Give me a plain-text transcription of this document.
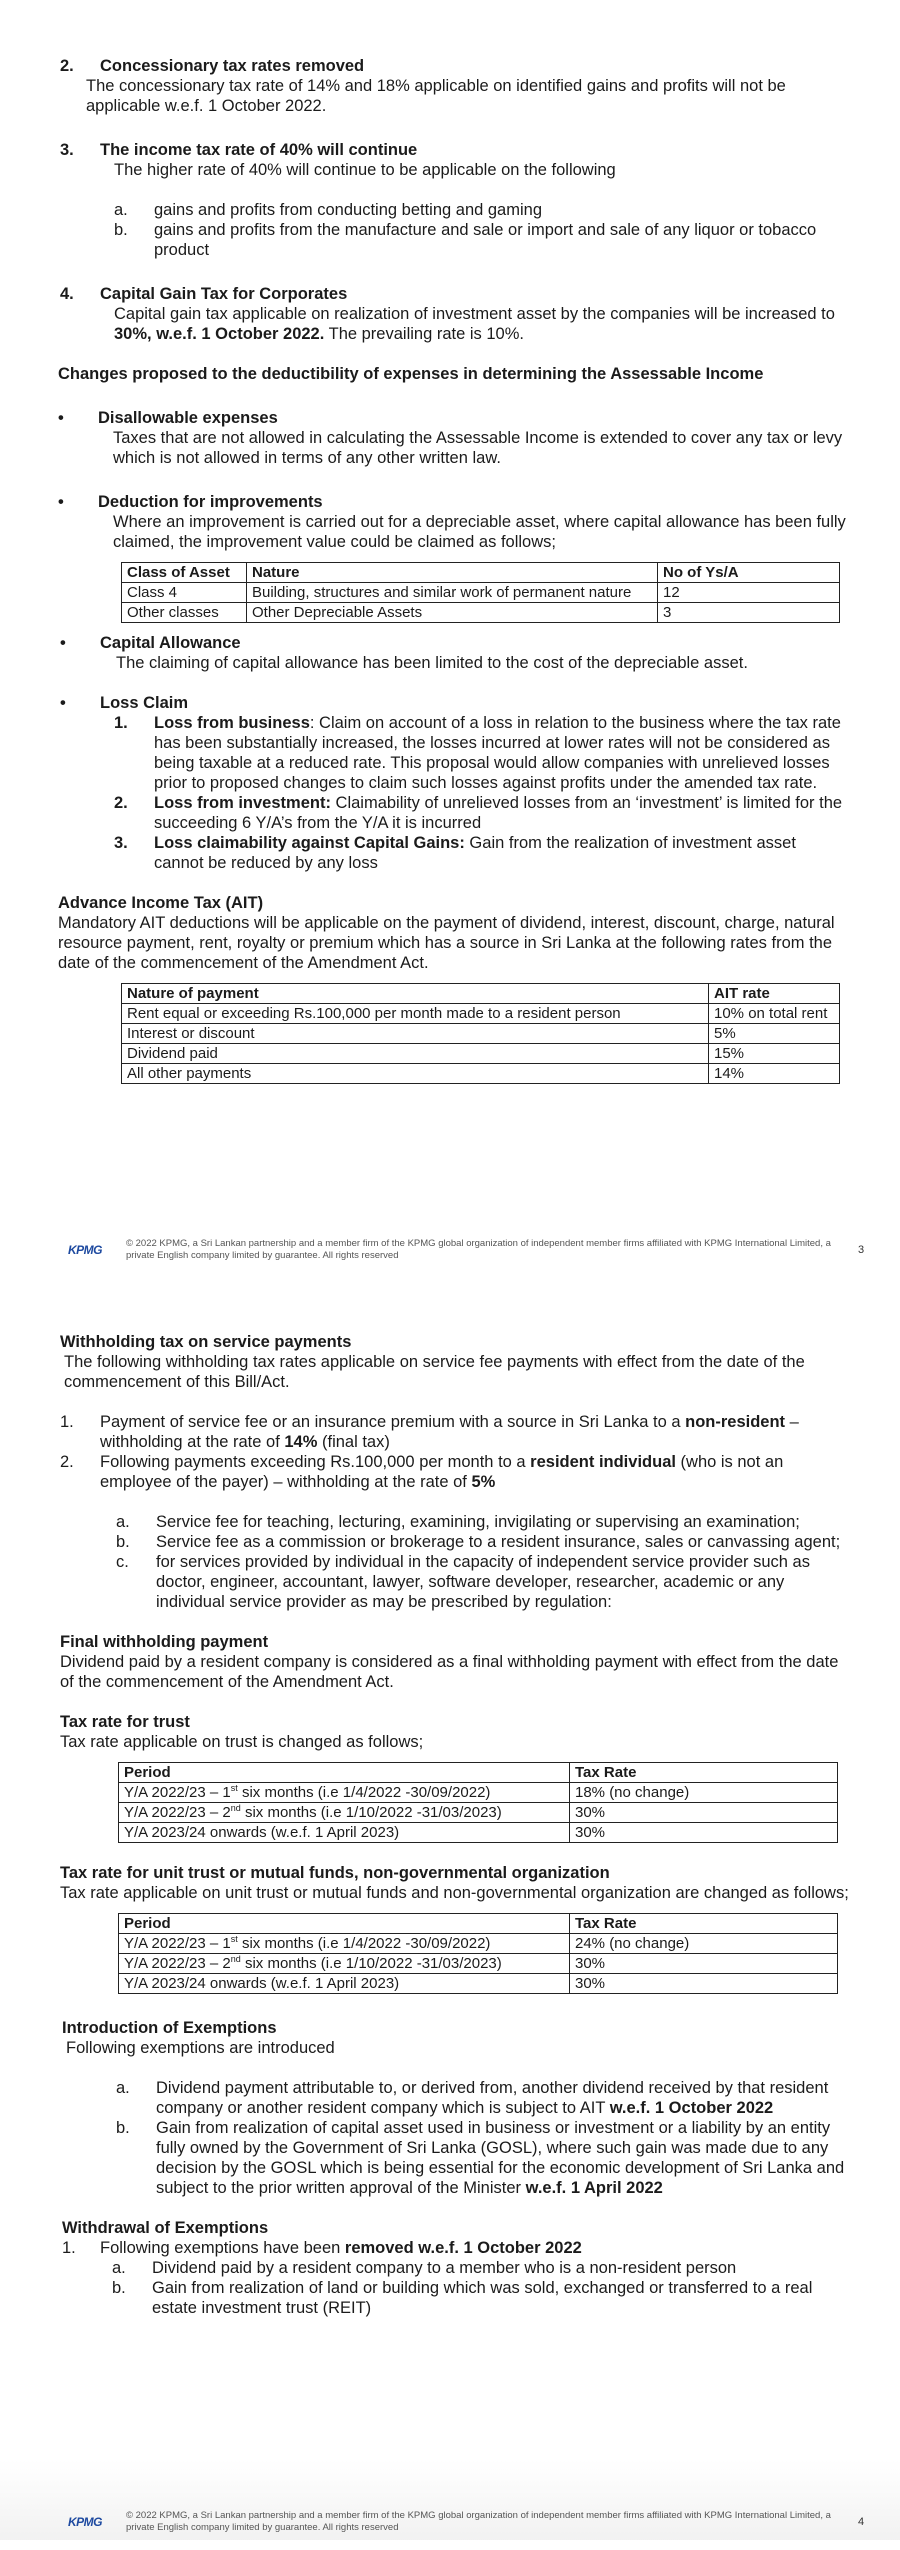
2. Concessionary tax rates removed

The concessionary tax rate of 14% and 18% applicable on identified gains and profits will not be applicable w.e.f. 1 October 2022.

3. The income tax rate of 40% will continue

The higher rate of 40% will continue to be applicable on the following

a.	gains and profits from conducting betting and gaming
b.	gains and profits from the manufacture and sale or import and sale of any liquor or tobacco product
4. Capital Gain Tax for Corporates

Capital gain tax applicable on realization of investment asset by the companies will be increased to 30%, w.e.f. 1 October 2022. The prevailing rate is 10%.

Changes proposed to the deductibility of expenses in determining the Assessable Income

•	Disallowable expenses

Taxes that are not allowed in calculating the Assessable Income is extended to cover any tax or levy which is not allowed in terms of any other written law.

•	Deduction for improvements

Where an improvement is carried out for a depreciable asset, where capital allowance has been fully claimed, the improvement value could be claimed as follows;

Class of Asset	Nature	No of Ys/A
Class 4	Building, structures and similar work of permanent nature	12
Other classes	Other Depreciable Assets	3
•	Capital Allowance

The claiming of capital allowance has been limited to the cost of the depreciable asset.

•	Loss Claim
1.	Loss from business: Claim on account of a loss in relation to the business where the tax rate has been substantially increased, the losses incurred at lower rates will not be considered as being taxable at a reduced rate. This proposal would allow companies with unrelieved losses prior to proposed changes to claim such losses against profits under the amended tax rate.
2.	Loss from investment: Claimability of unrelieved losses from an ‘investment’ is limited for the succeeding 6 Y/A’s from the Y/A it is incurred
3.	Loss claimability against Capital Gains: Gain from the realization of investment asset cannot be reduced by any loss

Advance Income Tax (AIT)

Mandatory AIT deductions will be applicable on the payment of dividend, interest, discount, charge, natural resource payment, rent, royalty or premium which has a source in Sri Lanka at the following rates from the date of the commencement of the Amendment Act.

Nature of payment	AIT rate
Rent equal or exceeding Rs.100,000 per month made to a resident person	10% on total rent
Interest or discount	5%
Dividend paid	15%
All other payments	14%
KPMG	© 2022 KPMG, a Sri Lankan partnership and a member firm of the KPMG global organization of independent member firms affiliated with KPMG International Limited, a private English company limited by guarantee. All rights reserved	3

Withholding tax on service payments

The following withholding tax rates applicable on service fee payments with effect from the date of the commencement of this Bill/Act.

1.	Payment of service fee or an insurance premium with a source in Sri Lanka to a non-resident – withholding at the rate of 14% (final tax)
2.	Following payments exceeding Rs.100,000 per month to a resident individual (who is not an employee of the payer) – withholding at the rate of 5%
a.	Service fee for teaching, lecturing, examining, invigilating or supervising an examination;
b.	Service fee as a commission or brokerage to a resident insurance, sales or canvassing agent;
c.	for services provided by individual in the capacity of independent service provider such as doctor, engineer, accountant, lawyer, software developer, researcher, academic or any individual service provider as may be prescribed by regulation:

Final withholding payment

Dividend paid by a resident company is considered as a final withholding payment with effect from the date of the commencement of the Amendment Act.

Tax rate for trust

Tax rate applicable on trust is changed as follows;

Period	Tax Rate
Y/A 2022/23 – 1st six months (i.e 1/4/2022 -30/09/2022)	18% (no change)
Y/A 2022/23 – 2nd six months (i.e 1/10/2022 -31/03/2023)	30%
Y/A 2023/24 onwards (w.e.f. 1 April 2023)	30%

Tax rate for unit trust or mutual funds, non-governmental organization

Tax rate applicable on unit trust or mutual funds and non-governmental organization are changed as follows;

Period	Tax Rate
Y/A 2022/23 – 1st six months (i.e 1/4/2022 -30/09/2022)	24% (no change)
Y/A 2022/23 – 2nd six months (i.e 1/10/2022 -31/03/2023)	30%
Y/A 2023/24 onwards (w.e.f. 1 April 2023)	30%

Introduction of Exemptions

Following exemptions are introduced

a.	Dividend payment attributable to, or derived from, another dividend received by that resident company or another resident company which is subject to AIT w.e.f. 1 October 2022
b.	Gain from realization of capital asset used in business or investment or a liability by an entity fully owned by the Government of Sri Lanka (GOSL), where such gain was made due to any decision by the GOSL which is being essential for the economic development of Sri Lanka and subject to the prior written approval of the Minister w.e.f. 1 April 2022

Withdrawal of Exemptions

1.	Following exemptions have been removed w.e.f. 1 October 2022
a.	Dividend paid by a resident company to a member who is a non-resident person
b.	Gain from realization of land or building which was sold, exchanged or transferred to a real estate investment trust (REIT)
KPMG	© 2022 KPMG, a Sri Lankan partnership and a member firm of the KPMG global organization of independent member firms affiliated with KPMG International Limited, a private English company limited by guarantee. All rights reserved	4
